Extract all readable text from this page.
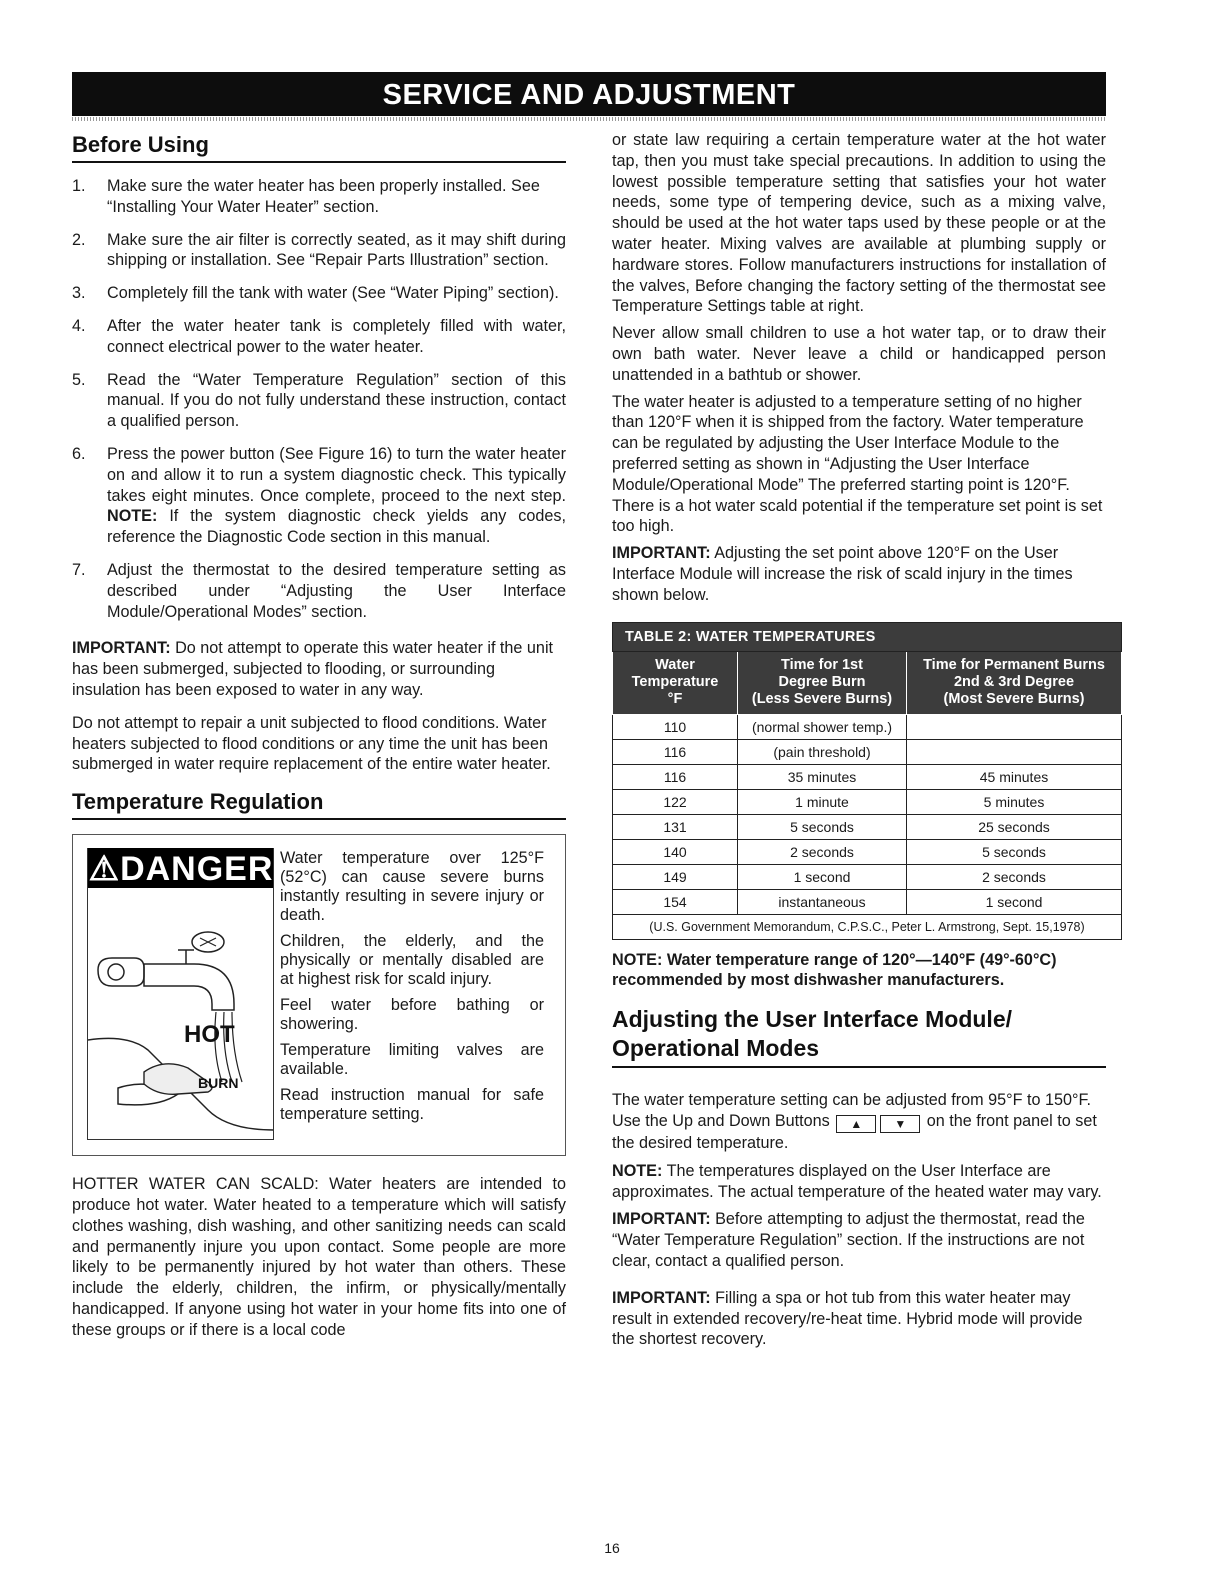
SERVICE AND ADJUSTMENT
Before Using
1. Make sure the water heater has been properly installed. See “Installing Your Water Heater” section.
2. Make sure the air filter is correctly seated, as it may shift during shipping or installation. See “Repair Parts Illustration” section.
3. Completely fill the tank with water (See “Water Piping” section).
4. After the water heater tank is completely filled with water, connect electrical power to the water heater.
5. Read the “Water Temperature Regulation” section of this manual. If you do not fully understand these instruction, contact a qualified person.
6. Press the power button (See Figure 16) to turn the water heater on and allow it to run a system diagnostic check. This typically takes eight minutes. Once complete, proceed to the next step. NOTE: If the system diagnostic check yields any codes, reference the Diagnostic Code section in this manual.
7. Adjust the thermostat to the desired temperature setting as described under “Adjusting the User Interface Module/Operational Modes” section.

IMPORTANT: Do not attempt to operate this water heater if the unit has been submerged, subjected to flooding, or surrounding insulation has been exposed to water in any way.

Do not attempt to repair a unit subjected to flood conditions. Water heaters subjected to flood conditions or any time the unit has been submerged in water require replacement of the entire water heater.

Temperature Regulation
⚠DANGER
HOT
BURN

Water temperature over 125°F (52°C) can cause severe burns instantly resulting in severe injury or death.

Children, the elderly, and the physically or mentally disabled are at highest risk for scald injury.

Feel water before bathing or showering.

Temperature limiting valves are available.

Read instruction manual for safe temperature setting.

HOTTER WATER CAN SCALD: Water heaters are intended to produce hot water. Water heated to a temperature which will satisfy clothes washing, dish washing, and other sanitizing needs can scald and permanently injure you upon contact. Some people are more likely to be permanently injured by hot water than others. These include the elderly, children, the infirm, or physically/mentally handicapped. If anyone using hot water in your home fits into one of these groups or if there is a local code

or state law requiring a certain temperature water at the hot water tap, then you must take special precautions. In addition to using the lowest possible temperature setting that satisfies your hot water needs, some type of tempering device, such as a mixing valve, should be used at the hot water taps used by these people or at the water heater. Mixing valves are available at plumbing supply or hardware stores. Follow manufacturers instructions for installation of the valves, Before changing the factory setting of the thermostat see Temperature Settings table at right.

Never allow small children to use a hot water tap, or to draw their own bath water. Never leave a child or handicapped person unattended in a bathtub or shower.

The water heater is adjusted to a temperature setting of no higher than 120°F when it is shipped from the factory. Water temperature can be regulated by adjusting the User Interface Module to the preferred setting as shown in “Adjusting the User Interface Module/Operational Mode” The preferred starting point is 120°F. There is a hot water scald potential if the temperature set point is set too high.

IMPORTANT: Adjusting the set point above 120°F on the User Interface Module will increase the risk of scald injury in the times shown below.

TABLE 2: WATER TEMPERATURES		
Water
Temperature
°F	Time for 1st
Degree Burn
(Less Severe Burns)	Time for Permanent Burns
2nd & 3rd Degree
(Most Severe Burns)
110	(normal shower temp.)	
116	(pain threshold)	
116	35 minutes	45 minutes
122	1 minute	5 minutes
131	5 seconds	25 seconds
140	2 seconds	5 seconds
149	1 second	2 seconds
154	instantaneous	1 second
(U.S. Government Memorandum, C.P.S.C., Peter L. Armstrong, Sept. 15,1978)		

NOTE: Water temperature range of 120°—140°F (49°-60°C) recommended by most dishwasher manufacturers.

Adjusting the User Interface Module/
Operational Modes

The water temperature setting can be adjusted from 95°F to 150°F. Use the Up and Down Buttons ▲	▼ on the front panel to set the desired temperature.

NOTE: The temperatures displayed on the User Interface are approximates. The actual temperature of the heated water may vary.

IMPORTANT: Before attempting to adjust the thermostat, read the “Water Temperature Regulation” section. If the instructions are not clear, contact a qualified person.

IMPORTANT: Filling a spa or hot tub from this water heater may result in extended recovery/re-heat time. Hybrid mode will provide the shortest recovery.

16
